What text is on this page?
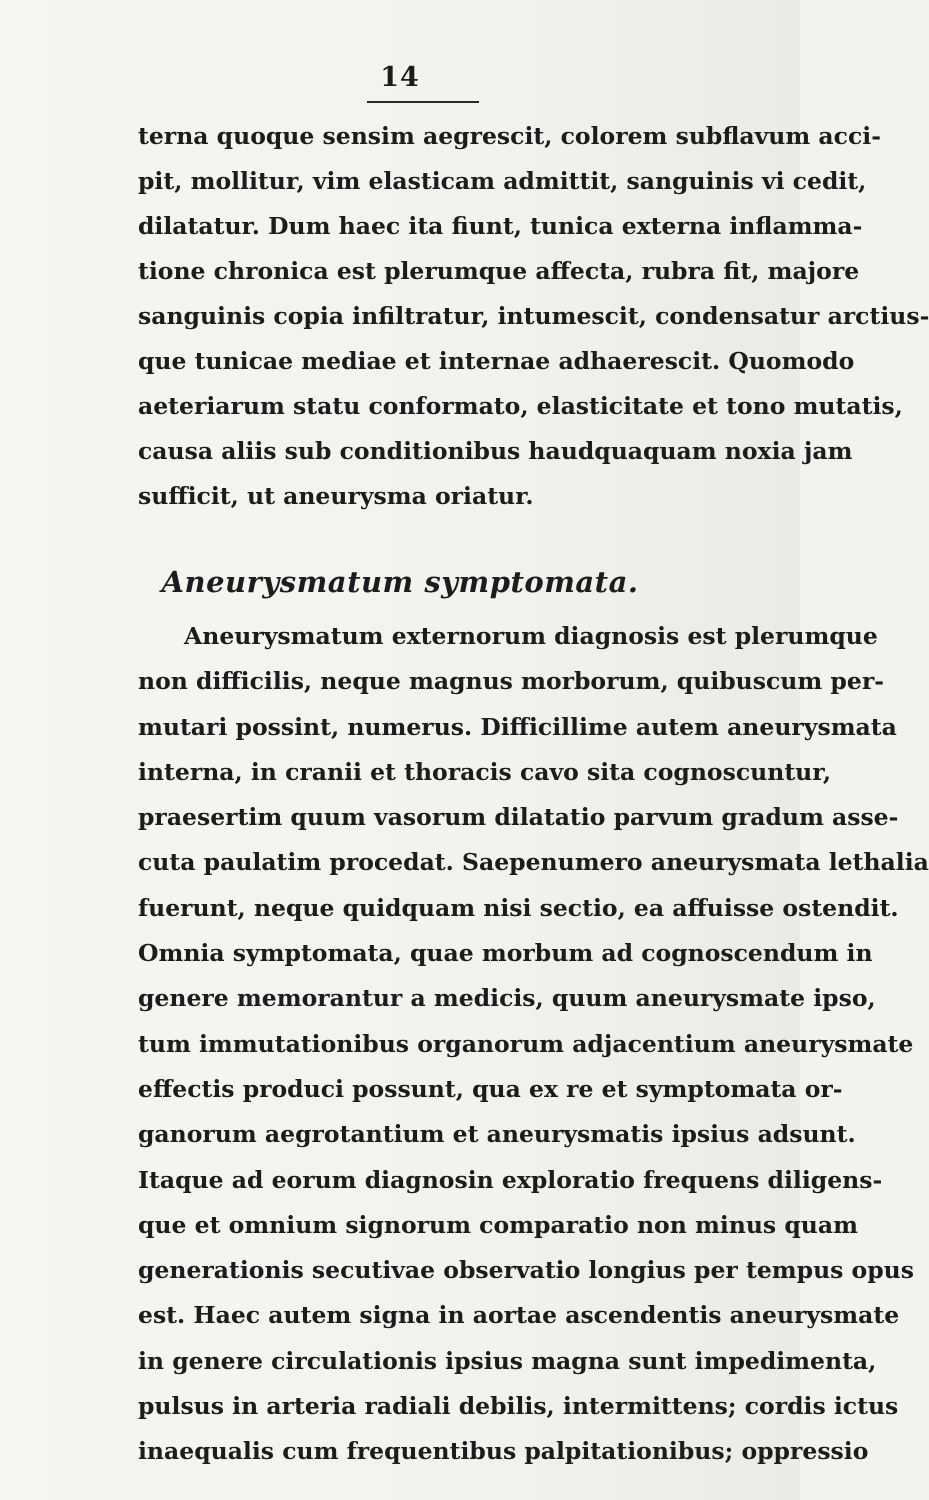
14
terna quoque sensim aegrescit, colorem subflavum acci-
pit, mollitur, vim elasticam admittit, sanguinis vi cedit,
dilatatur. Dum haec ita fiunt, tunica externa inflamma-
tione chronica est plerumque affecta, rubra fit, majore
sanguinis copia infiltratur, intumescit, condensatur arctius-
que tunicae mediae et internae adhaerescit. Quomodo
aeteriarum statu conformato, elasticitate et tono mutatis,
causa aliis sub conditionibus haudquaquam noxia jam
sufficit, ut aneurysma oriatur.
Aneurysmatum symptomata.
Aneurysmatum externorum diagnosis est plerumque
non difficilis, neque magnus morborum, quibuscum per-
mutari possint, numerus. Difficillime autem aneurysmata
interna, in cranii et thoracis cavo sita cognoscuntur,
praesertim quum vasorum dilatatio parvum gradum asse-
cuta paulatim procedat. Saepenumero aneurysmata lethalia
fuerunt, neque quidquam nisi sectio, ea affuisse ostendit.
Omnia symptomata, quae morbum ad cognoscendum in
genere memorantur a medicis, quum aneurysmate ipso,
tum immutationibus organorum adjacentium aneurysmate
effectis produci possunt, qua ex re et symptomata or-
ganorum aegrotantium et aneurysmatis ipsius adsunt.
Itaque ad eorum diagnosin exploratio frequens diligens-
que et omnium signorum comparatio non minus quam
generationis secutivae observatio longius per tempus opus
est. Haec autem signa in aortae ascendentis aneurysmate
in genere circulationis ipsius magna sunt impedimenta,
pulsus in arteria radiali debilis, intermittens; cordis ictus
inaequalis cum frequentibus palpitationibus; oppressio
